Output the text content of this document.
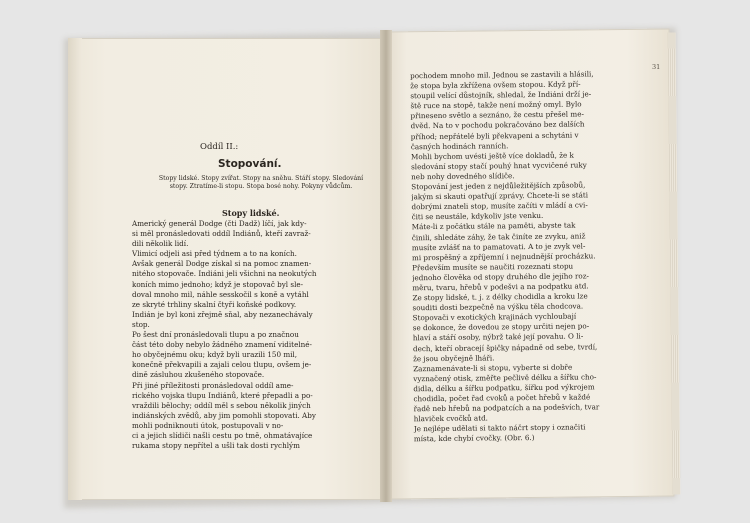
Oddíl II.:
Stopování.
Stopy lidské. Stopy zvířat. Stopy na sněhu. Stáří stopy. Sledování stopy. Ztratíme-li stopu. Stopa bosé nohy. Pokyny vůdcům.
Stopy lidské.
Americký generál Dodge (čti Dadž) líčí, jak kdy-
si měl pronásledovati oddíl Indiánů, kteří zavraž-
dili několik lidí.
Vlimicí odjeli asi před týdnem a to na koních.
Avšak generál Dodge získal si na pomoc znamen-
nitého stopovače. Indiáni jeli všichni na neokutých
koních mimo jednoho; když je stopovač byl sle-
doval mnoho mil, náhle sesskočil s koně a vytáhl
ze skryté trhliny skalní čtyři koňské podkovy.
Indián je byl koni zřejmě sňal, aby nezanechávaly
stop.
Po šest dní pronásledovali tlupu a po značnou
část této doby nebylo žádného znamení viditelné-
ho obyčejnému oku; když byli urazili 150 mil,
konečně překvapili a zajali celou tlupu, ovšem je-
dině zásluhou zkušeného stopovače.
Při jiné příležitosti pronásledoval oddíl ame-
rického vojska tlupu Indiánů, které přepadli a po-
vraždili bělochy; oddíl měl s sebou několik jiných
indiánských zvědů, aby jim pomohli stopovati. Aby
mohli podniknouti útok, postupovali v no-
ci a jejich slídiči našli cestu po tmě, ohmatávajíce
rukama stopy nepřítel a ušli tak dosti rychlým
31
pochodem mnoho mil. Jednou se zastavili a hlásili,
že stopa byla zkřížena ovšem stopou. Když pří-
stoupil velící důstojník, shledal, že Indiáni drží je-
ště ruce na stopě, takže není možný omyl. Bylo
přineseno světlo a seznáno, že cestu přešel me-
dvěd. Na to v pochodu pokračováno bez dalších
příhod; nepřátelé byli překvapeni a schytáni v
časných hodinách ranních.
Mohli bychom uvésti ještě více dokladů, že k
sledování stopy stačí pouhý hnat vycvičené ruky
neb nohy dovedného slídiče.
Stopování jest jeden z nejdůležitějších způsobů,
jakým si skauti opatřují zprávy. Chcete-li se státi
dobrými znateli stop, musíte začíti v mládí a cvi-
čiti se neustále, kdykoliv jste venku.
Máte-li z počátku stále na paměti, abyste tak
činili, shledáte záhy, že tak činíte ze zvyku, aniž
musíte zvlášť na to pamatovati. A to je zvyk vel-
mi prospěšný a zpříjemní i nejnudnější procházku.
Především musíte se naučiti rozeznati stopu
jednoho člověka od stopy druhého dle jejího roz-
měru, tvaru, hřebů v podešvi a na podpatku atd.
Ze stopy lidské, t. j. z délky chodidla a kroku lze
souditi dosti bezpečně na výšku těla chodcova.
Stopovači v exotických krajinách vychloubají
se dokonce, že dovedou ze stopy určiti nejen po-
hlaví a stáří osoby, nýbrž také její povahu. O li-
dech, kteří obracejí špičky nápadně od sebe, tvrdí,
že jsou obyčejně lháři.
Zaznamenávate-li si stopu, vyberte si dobře
vyznačený otisk, změřte pečlivě délku a šířku cho-
didla, délku a šířku podpatku, šířku pod výkrojem
chodidla, počet řad cvoků a počet hřebů v každé
řadě neb hřebů na podpatcích a na podešvích, tvar
hlaviček cvočků atd.
Je nejlépe udělati si takto náčrt stopy i označiti
místa, kde chybí cvočky. (Obr. 6.)
